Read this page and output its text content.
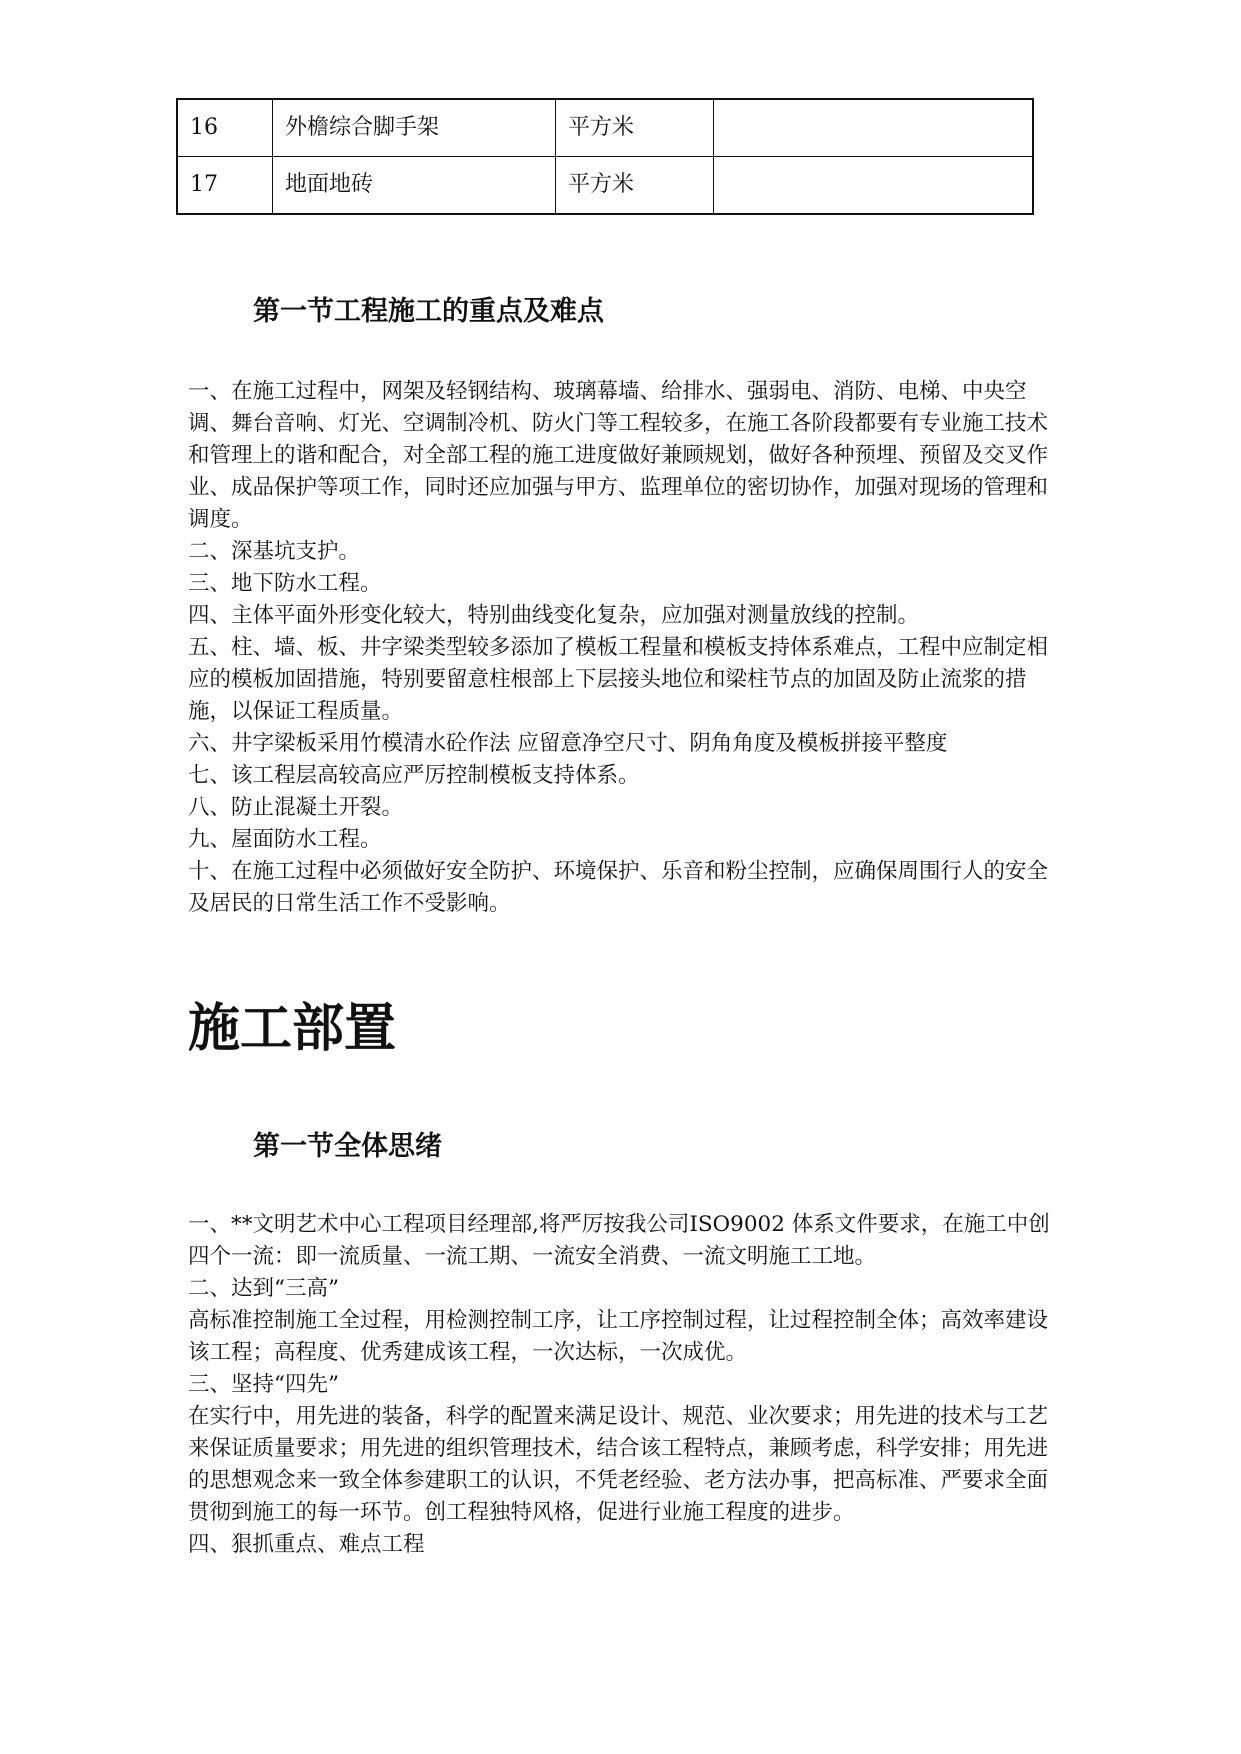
16	外檐综合脚手架	平方米	
17	地面地砖	平方米	
第一节工程施工的重点及难点

一、在施工过程中，网架及轻钢结构、玻璃幕墙、给排水、强弱电、消防、电梯、中央空调、舞台音响、灯光、空调制冷机、防火门等工程较多，在施工各阶段都要有专业施工技术和管理上的谐和配合，对全部工程的施工进度做好兼顾规划，做好各种预埋、预留及交叉作业、成品保护等项工作，同时还应加强与甲方、监理单位的密切协作，加强对现场的管理和调度。

二、深基坑支护。

三、地下防水工程。

四、主体平面外形变化较大，特别曲线变化复杂，应加强对测量放线的控制。

五、柱、墙、板、井字梁类型较多添加了模板工程量和模板支持体系难点，工程中应制定相应的模板加固措施，特别要留意柱根部上下层接头地位和梁柱节点的加固及防止流浆的措施，以保证工程质量。

六、井字梁板采用竹模清水砼作法 应留意净空尺寸、阴角角度及模板拼接平整度

七、该工程层高较高应严厉控制模板支持体系。

八、防止混凝土开裂。

九、屋面防水工程。

十、在施工过程中必须做好安全防护、环境保护、乐音和粉尘控制，应确保周围行人的安全及居民的日常生活工作不受影响。

施工部置
第一节全体思绪

一、**文明艺术中心工程项目经理部,将严厉按我公司ISO9002 体系文件要求，在施工中创四个一流：即一流质量、一流工期、一流安全消费、一流文明施工工地。

二、达到“三高”

高标准控制施工全过程，用检测控制工序，让工序控制过程，让过程控制全体；高效率建设该工程；高程度、优秀建成该工程，一次达标，一次成优。

三、坚持“四先”

在实行中，用先进的装备，科学的配置来满足设计、规范、业次要求；用先进的技术与工艺来保证质量要求；用先进的组织管理技术，结合该工程特点，兼顾考虑，科学安排；用先进的思想观念来一致全体参建职工的认识，不凭老经验、老方法办事，把高标准、严要求全面贯彻到施工的每一环节。创工程独特风格，促进行业施工程度的进步。

四、狠抓重点、难点工程
